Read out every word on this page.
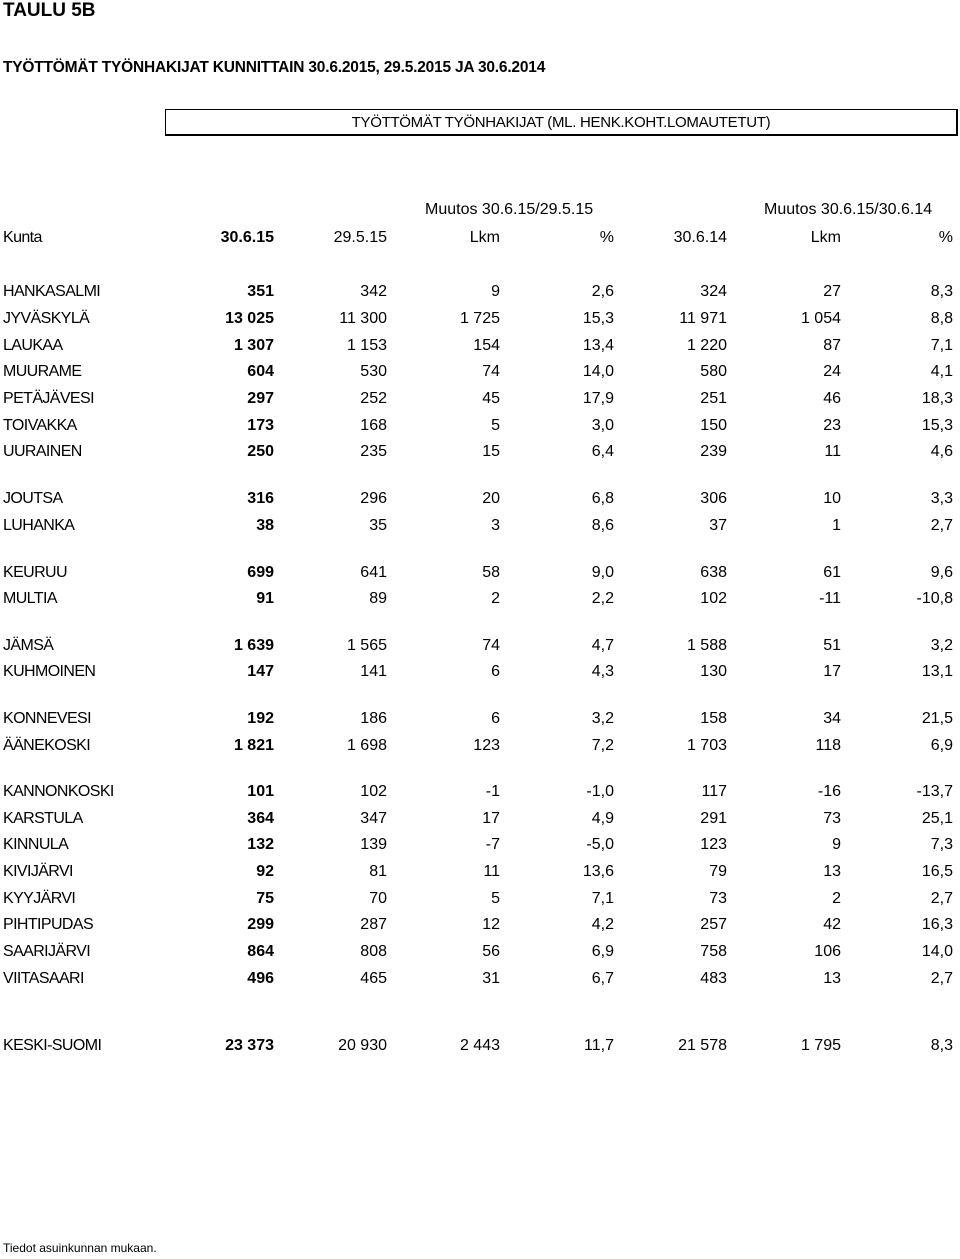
TAULU 5B
TYÖTTÖMÄT TYÖNHAKIJAT KUNNITTAIN 30.6.2015, 29.5.2015 JA 30.6.2014
TYÖTTÖMÄT TYÖNHAKIJAT (ML. HENK.KOHT.LOMAUTETUT)
Muutos 30.6.15/29.5.15	Muutos 30.6.15/30.6.14
Kunta	30.6.15	29.5.15	Lkm	%	30.6.14	Lkm	%
HANKASALMI	351	342	9	2,6	324	27	8,3
JYVÄSKYLÄ	13 025	11 300	1 725	15,3	11 971	1 054	8,8
LAUKAA	1 307	1 153	154	13,4	1 220	87	7,1
MUURAME	604	530	74	14,0	580	24	4,1
PETÄJÄVESI	297	252	45	17,9	251	46	18,3
TOIVAKKA	173	168	5	3,0	150	23	15,3
UURAINEN	250	235	15	6,4	239	11	4,6
JOUTSA	316	296	20	6,8	306	10	3,3
LUHANKA	38	35	3	8,6	37	1	2,7
KEURUU	699	641	58	9,0	638	61	9,6
MULTIA	91	89	2	2,2	102	-11	-10,8
JÄMSÄ	1 639	1 565	74	4,7	1 588	51	3,2
KUHMOINEN	147	141	6	4,3	130	17	13,1
KONNEVESI	192	186	6	3,2	158	34	21,5
ÄÄNEKOSKI	1 821	1 698	123	7,2	1 703	118	6,9
KANNONKOSKI	101	102	-1	-1,0	117	-16	-13,7
KARSTULA	364	347	17	4,9	291	73	25,1
KINNULA	132	139	-7	-5,0	123	9	7,3
KIVIJÄRVI	92	81	11	13,6	79	13	16,5
KYYJÄRVI	75	70	5	7,1	73	2	2,7
PIHTIPUDAS	299	287	12	4,2	257	42	16,3
SAARIJÄRVI	864	808	56	6,9	758	106	14,0
VIITASAARI	496	465	31	6,7	483	13	2,7
KESKI-SUOMI	23 373	20 930	2 443	11,7	21 578	1 795	8,3
Tiedot asuinkunnan mukaan.
